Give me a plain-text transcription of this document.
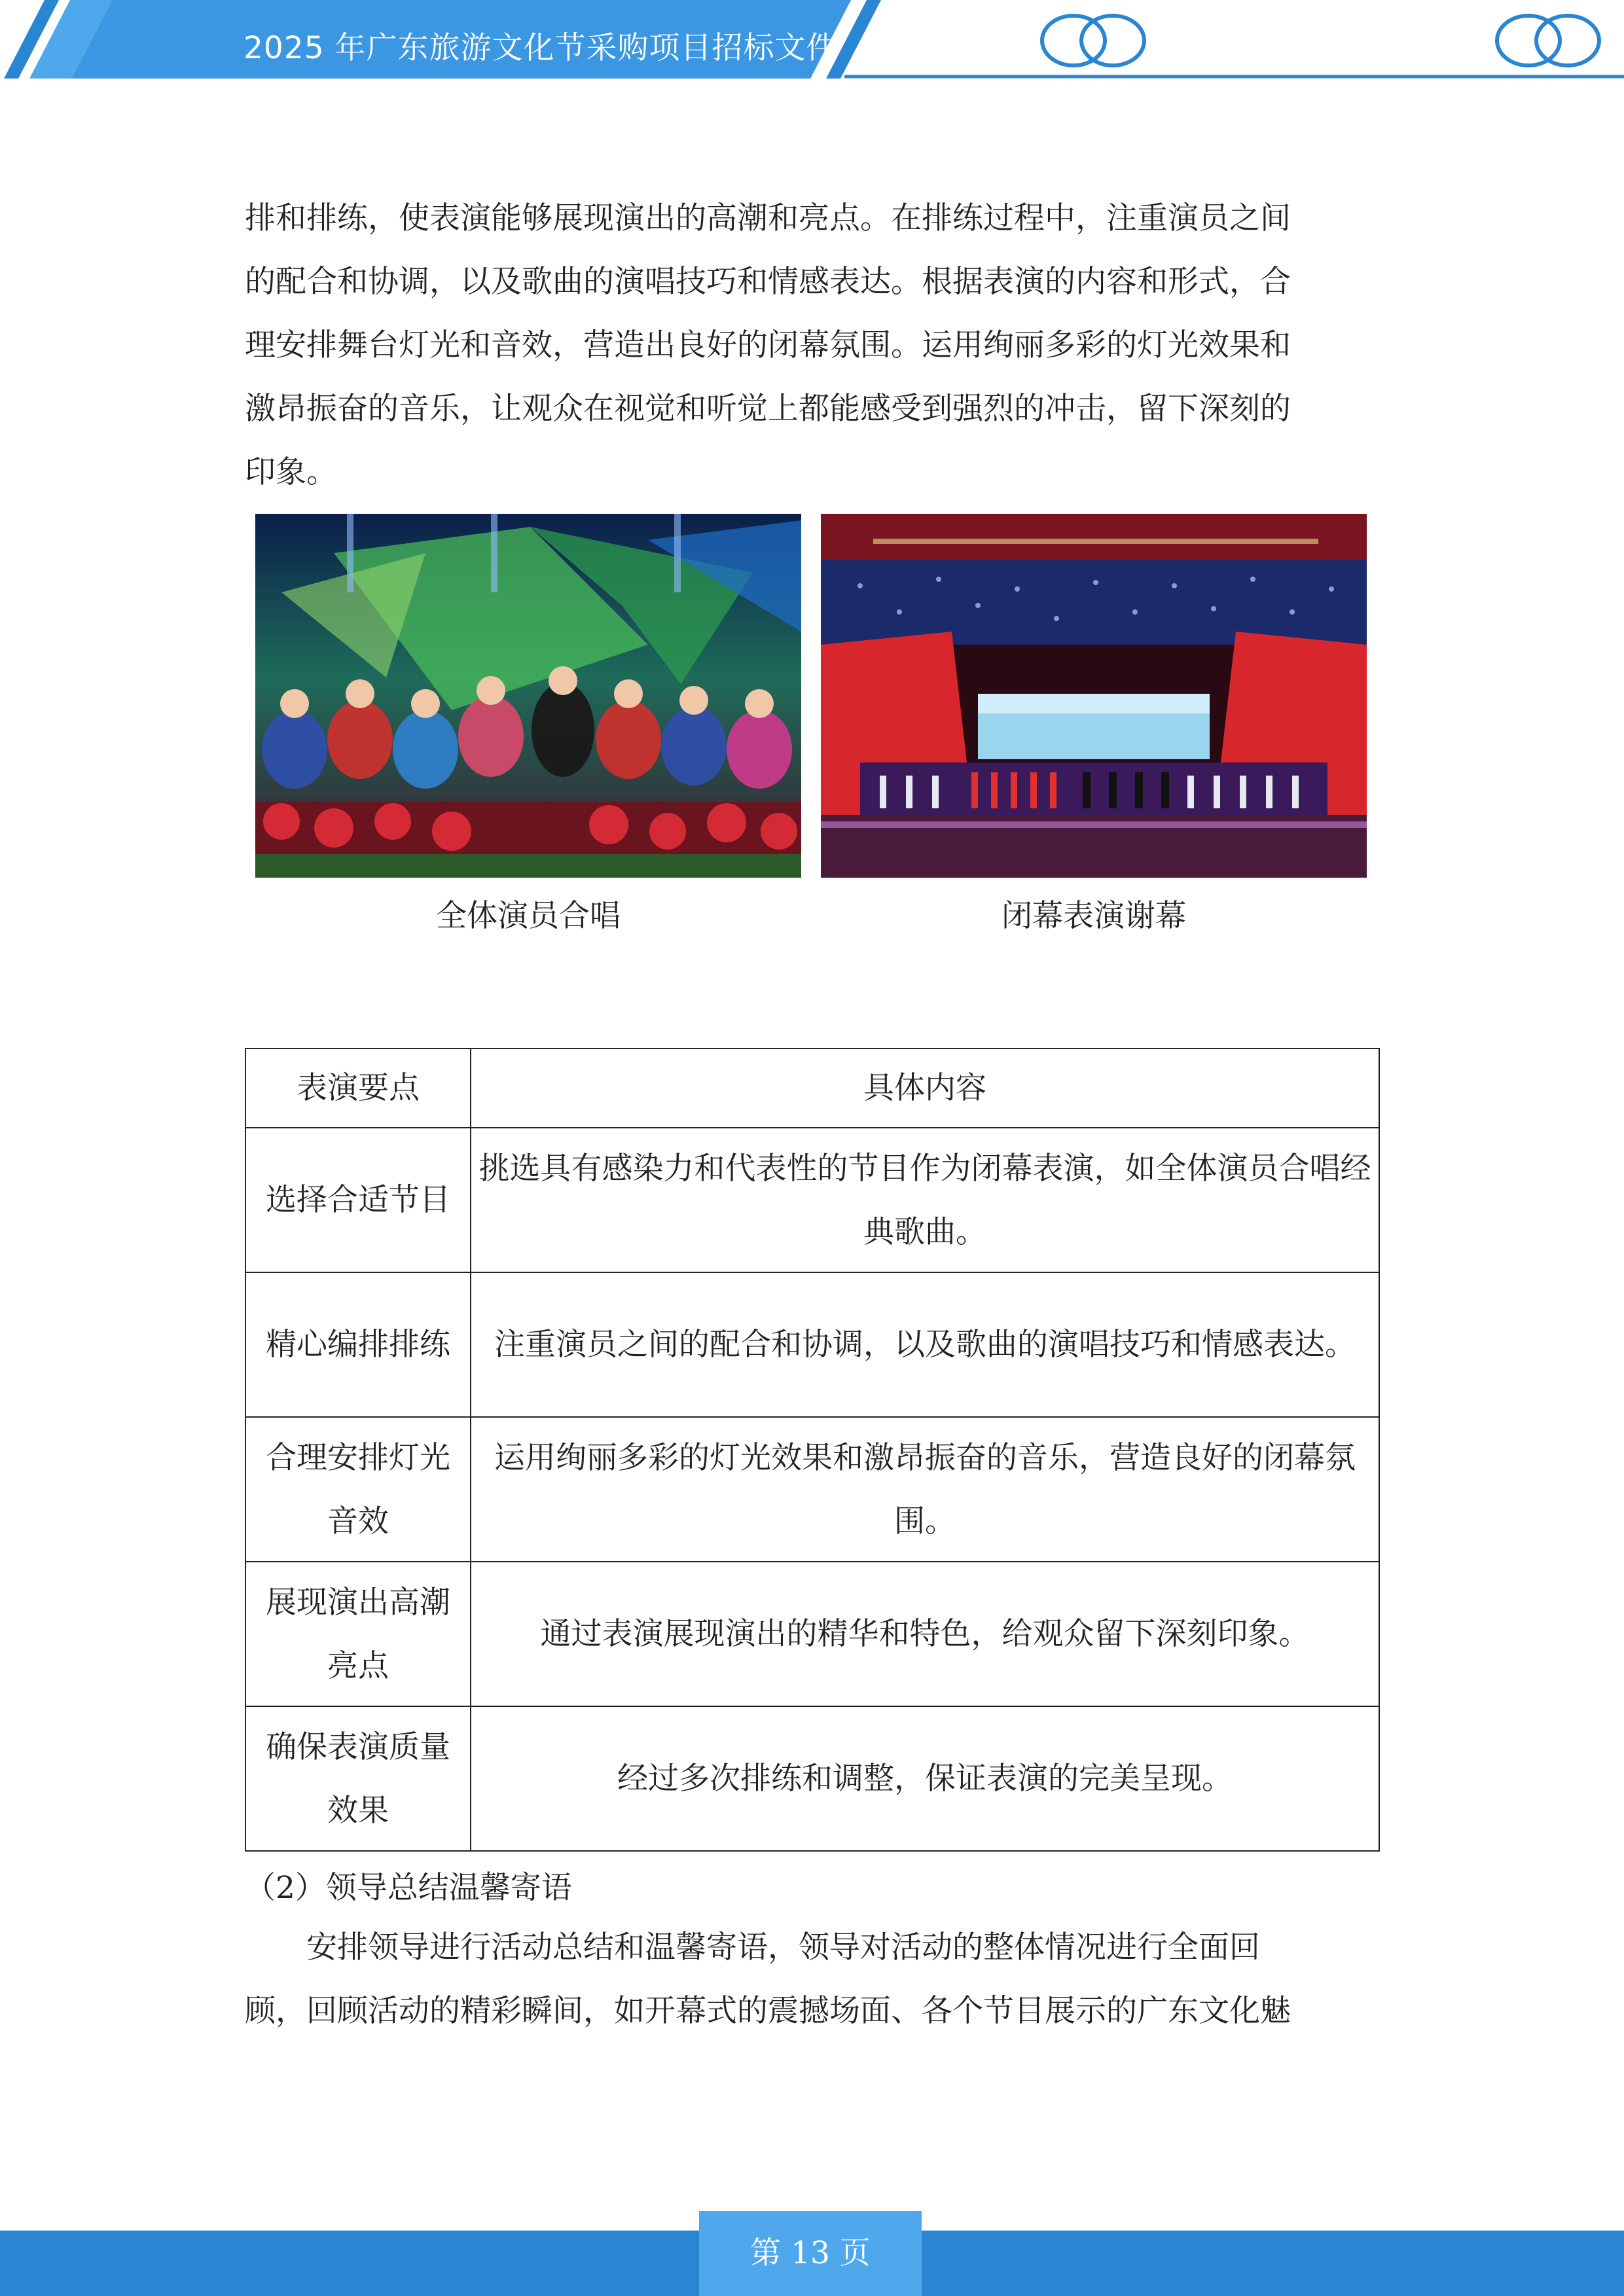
2025 年广东旅游文化节采购项目招标文件
排和排练，使表演能够展现演出的高潮和亮点。在排练过程中，注重演员之间
的配合和协调，以及歌曲的演唱技巧和情感表达。根据表演的内容和形式，合
理安排舞台灯光和音效，营造出良好的闭幕氛围。运用绚丽多彩的灯光效果和
激昂振奋的音乐，让观众在视觉和听觉上都能感受到强烈的冲击，留下深刻的
印象。
全体演员合唱	闭幕表演谢幕
表演要点	具体内容
选择合适节目	挑选具有感染力和代表性的节目作为闭幕表演，如全体演员合唱经典歌曲。
精心编排排练	注重演员之间的配合和协调，以及歌曲的演唱技巧和情感表达。
合理安排灯光音效	运用绚丽多彩的灯光效果和激昂振奋的音乐，营造良好的闭幕氛围。
展现演出高潮亮点	通过表演展现演出的精华和特色，给观众留下深刻印象。
确保表演质量效果	经过多次排练和调整，保证表演的完美呈现。
（2）领导总结温馨寄语
安排领导进行活动总结和温馨寄语，领导对活动的整体情况进行全面回
顾，回顾活动的精彩瞬间，如开幕式的震撼场面、各个节目展示的广东文化魅
第 13 页
